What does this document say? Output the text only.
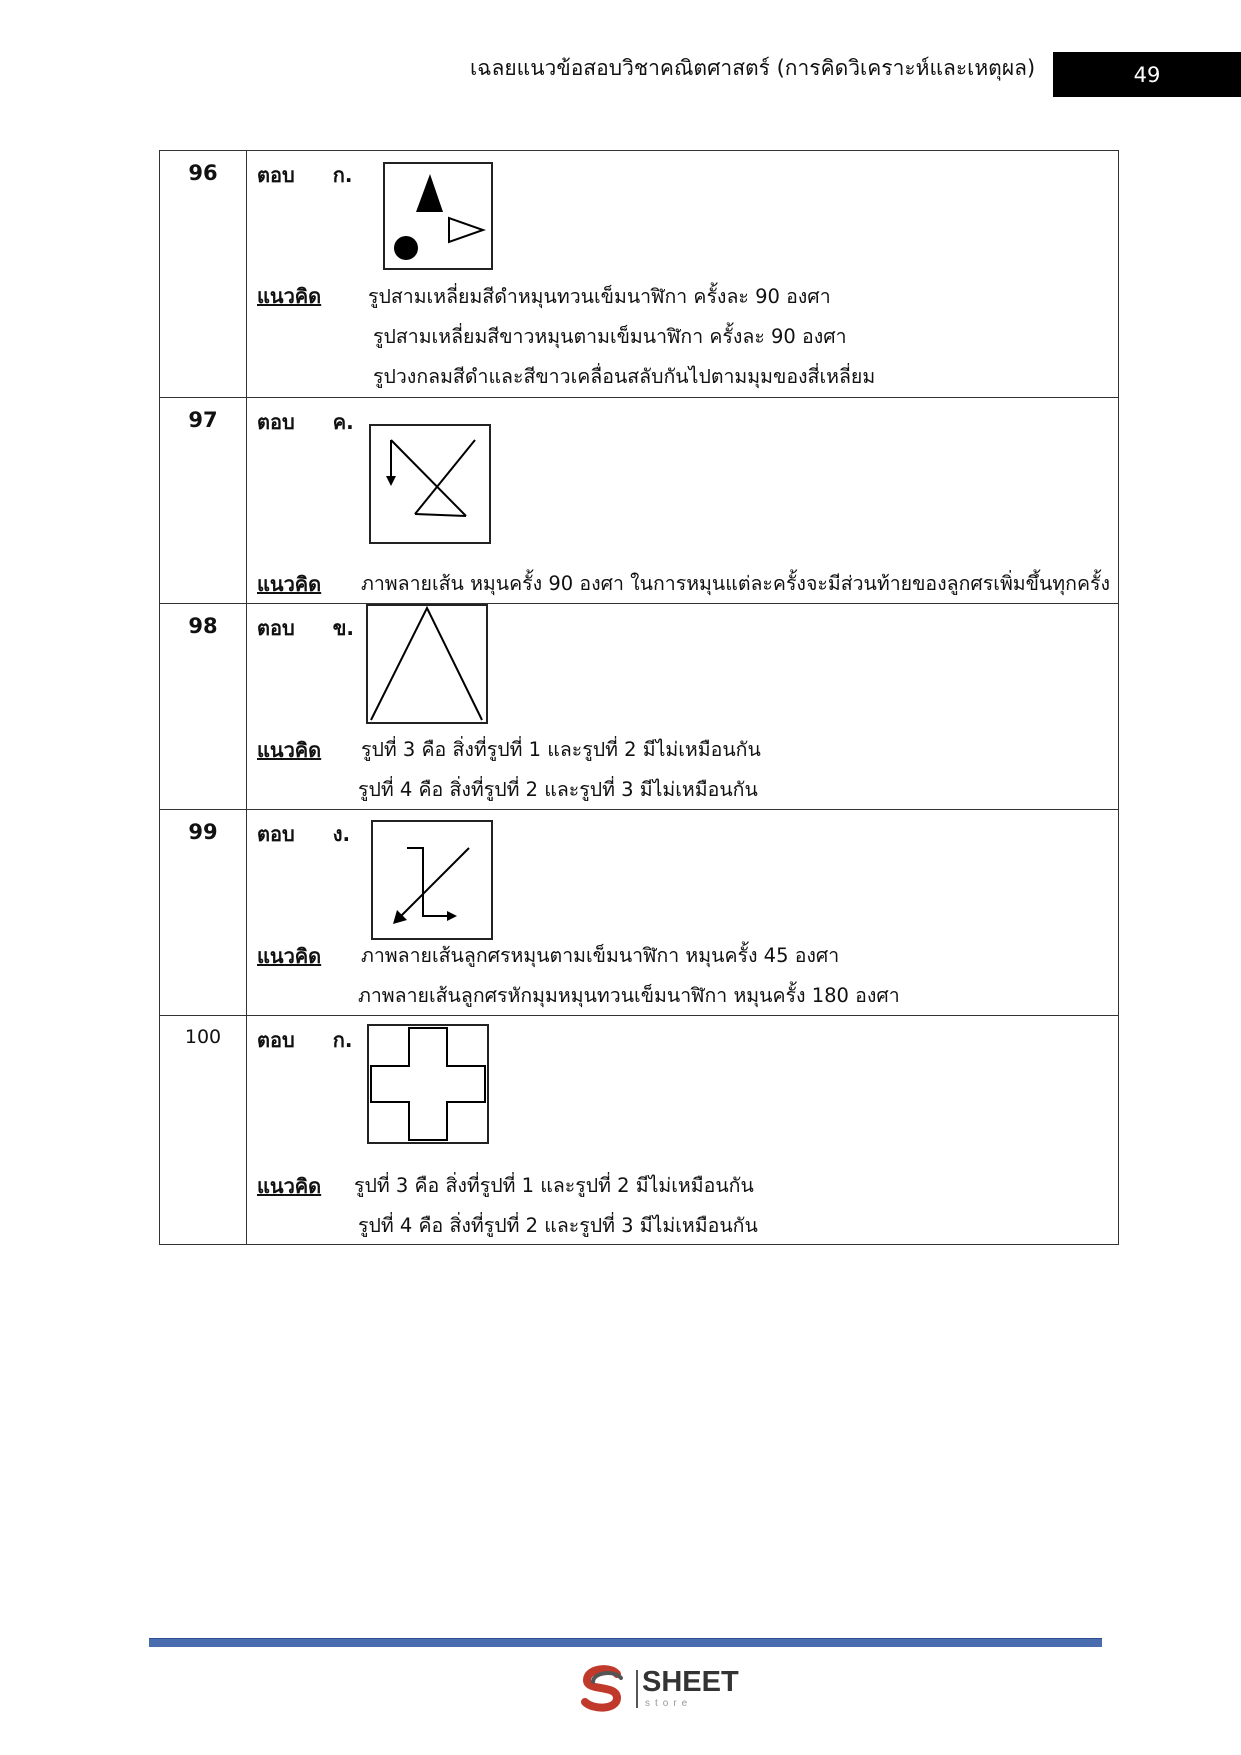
เฉลยแนวข้อสอบวิชาคณิตศาสตร์ (การคิดวิเคราะห์และเหตุผล)	49
96	ตอบ ก.
แนวคิด รูปสามเหลี่ยมสีดำหมุนทวนเข็มนาฬิกา ครั้งละ 90 องศา
รูปสามเหลี่ยมสีขาวหมุนตามเข็มนาฬิกา ครั้งละ 90 องศา
รูปวงกลมสีดำและสีขาวเคลื่อนสลับกันไปตามมุมของสี่เหลี่ยม

97	ตอบ ค.
แนวคิด ภาพลายเส้น หมุนครั้ง 90 องศา ในการหมุนแต่ละครั้งจะมีส่วนท้ายของลูกศรเพิ่มขึ้นทุกครั้ง

98	ตอบ ข.
แนวคิด รูปที่ 3 คือ สิ่งที่รูปที่ 1 และรูปที่ 2 มีไม่เหมือนกัน
รูปที่ 4 คือ สิ่งที่รูปที่ 2 และรูปที่ 3 มีไม่เหมือนกัน

99	ตอบ ง.
แนวคิด ภาพลายเส้นลูกศรหมุนตามเข็มนาฬิกา หมุนครั้ง 45 องศา
ภาพลายเส้นลูกศรหักมุมหมุนทวนเข็มนาฬิกา หมุนครั้ง 180 องศา

100	ตอบ ก.
แนวคิด รูปที่ 3 คือ สิ่งที่รูปที่ 1 และรูปที่ 2 มีไม่เหมือนกัน
รูปที่ 4 คือ สิ่งที่รูปที่ 2 และรูปที่ 3 มีไม่เหมือนกัน
SHEET
store
